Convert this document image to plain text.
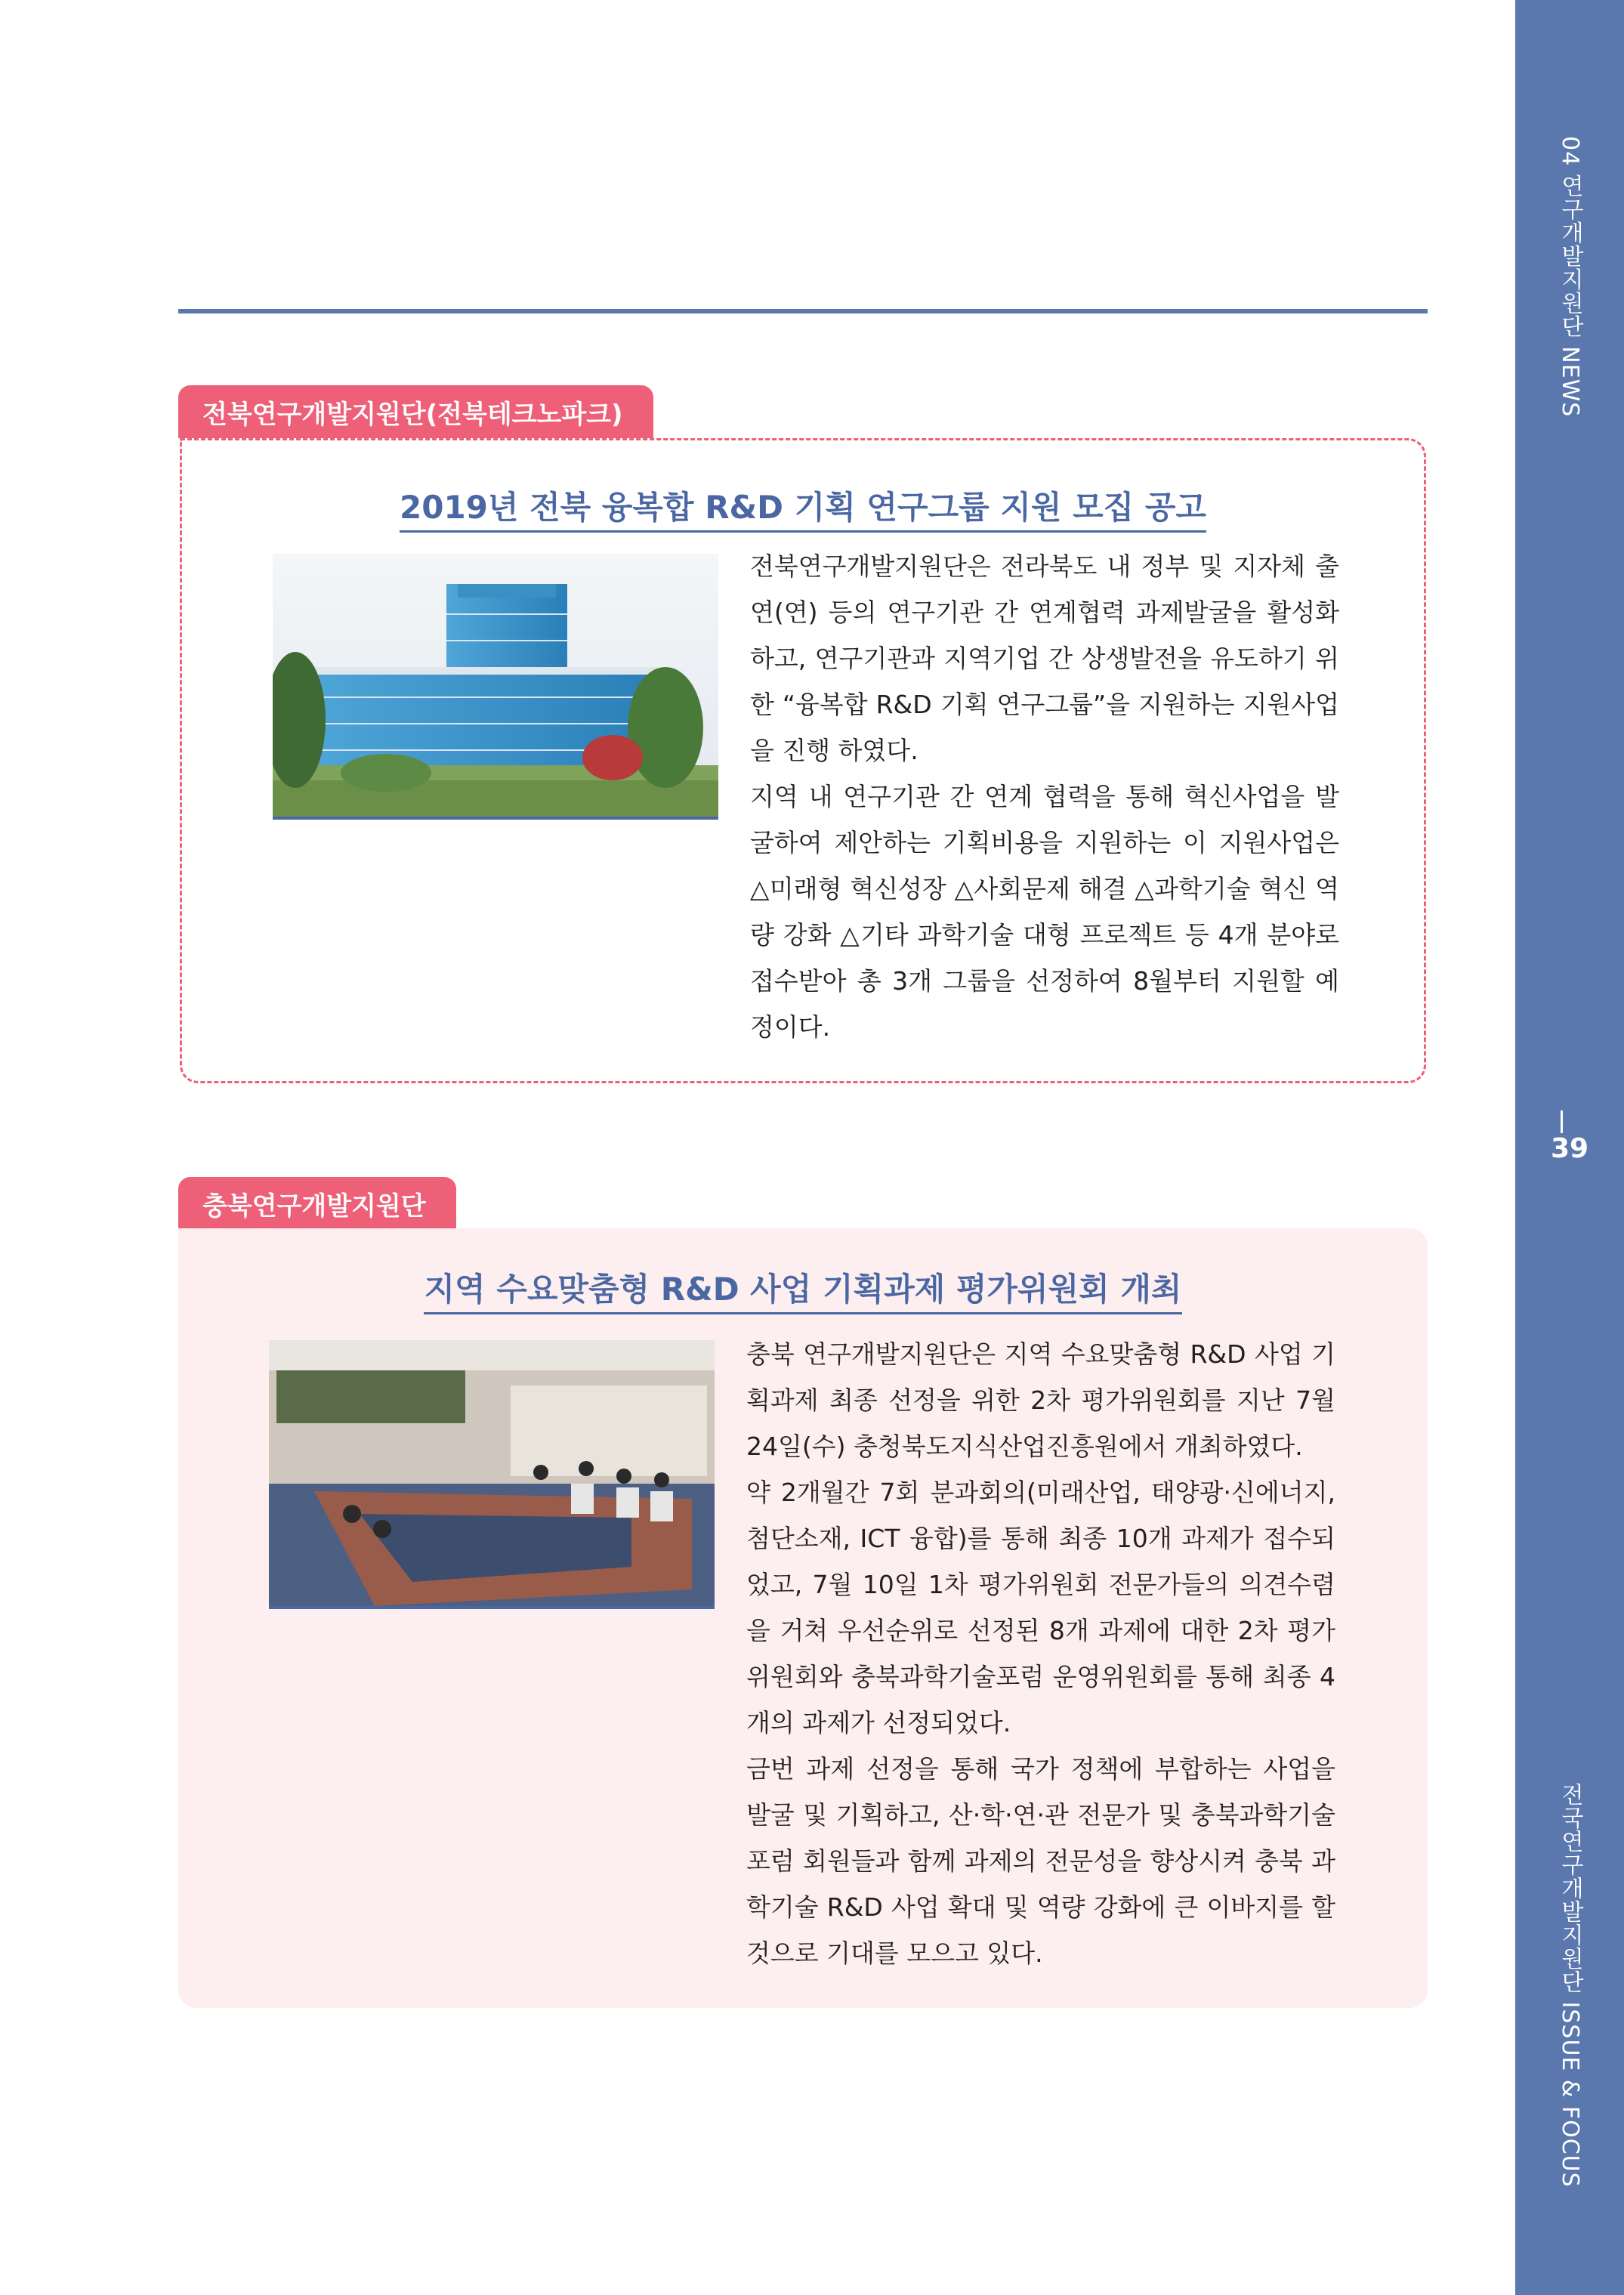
04 연구개발지원단 NEWS
39
전국연구개발지원단 ISSUE & FOCUS
전북연구개발지원단(전북테크노파크)
2019년 전북 융복합 R&D 기획 연구그룹 지원 모집 공고

전북연구개발지원단은 전라북도 내 정부 및 지자체 출연(연) 등의 연구기관 간 연계협력 과제발굴을 활성화 하고, 연구기관과 지역기업 간 상생발전을 유도하기 위한 “융복합 R&D 기획 연구그룹”을 지원하는 지원사업을 진행 하였다.

지역 내 연구기관 간 연계 협력을 통해 혁신사업을 발굴하여 제안하는 기획비용을 지원하는 이 지원사업은 △미래형 혁신성장 △사회문제 해결 △과학기술 혁신 역량 강화 △기타 과학기술 대형 프로젝트 등 4개 분야로 접수받아 총 3개 그룹을 선정하여 8월부터 지원할 예정이다.

충북연구개발지원단
지역 수요맞춤형 R&D 사업 기획과제 평가위원회 개최

충북 연구개발지원단은 지역 수요맞춤형 R&D 사업 기획과제 최종 선정을 위한 2차 평가위원회를 지난 7월 24일(수) 충청북도지식산업진흥원에서 개최하였다.

약 2개월간 7회 분과회의(미래산업, 태양광·신에너지, 첨단소재, ICT 융합)를 통해 최종 10개 과제가 접수되었고, 7월 10일 1차 평가위원회 전문가들의 의견수렴을 거쳐 우선순위로 선정된 8개 과제에 대한 2차 평가위원회와 충북과학기술포럼 운영위원회를 통해 최종 4개의 과제가 선정되었다.

금번 과제 선정을 통해 국가 정책에 부합하는 사업을 발굴 및 기획하고, 산·학·연·관 전문가 및 충북과학기술포럼 회원들과 함께 과제의 전문성을 향상시켜 충북 과학기술 R&D 사업 확대 및 역량 강화에 큰 이바지를 할 것으로 기대를 모으고 있다.
